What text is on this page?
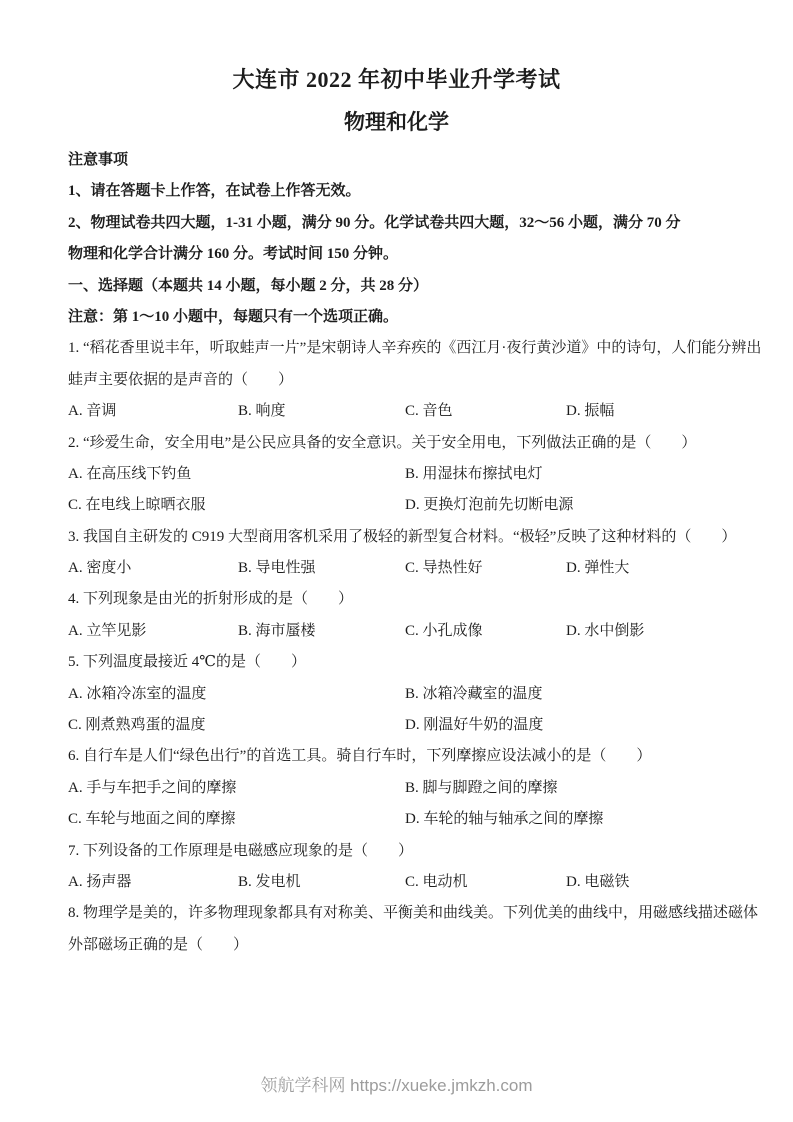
大连市 2022 年初中毕业升学考试
物理和化学
注意事项
1、请在答题卡上作答，在试卷上作答无效。
2、物理试卷共四大题，1-31 小题，满分 90 分。化学试卷共四大题，32～56 小题，满分 70 分
物理和化学合计满分 160 分。考试时间 150 分钟。
一、选择题（本题共 14 小题，每小题 2 分，共 28 分）
注意：第 1～10 小题中，每题只有一个选项正确。
1. “稻花香里说丰年，听取蛙声一片”是宋朝诗人辛弃疾的《西江月·夜行黄沙道》中的诗句，人们能分辨出
蛙声主要依据的是声音的（　　）
A. 音调	B. 响度	C. 音色	D. 振幅
2. “珍爱生命，安全用电”是公民应具备的安全意识。关于安全用电，下列做法正确的是（　　）
A. 在高压线下钓鱼	B. 用湿抹布擦拭电灯
C. 在电线上晾晒衣服	D. 更换灯泡前先切断电源
3. 我国自主研发的 C919 大型商用客机采用了极轻的新型复合材料。“极轻”反映了这种材料的（　　）
A. 密度小	B. 导电性强	C. 导热性好	D. 弹性大
4. 下列现象是由光的折射形成的是（　　）
A. 立竿见影	B. 海市蜃楼	C. 小孔成像	D. 水中倒影
5. 下列温度最接近 4℃的是（　　）
A. 冰箱冷冻室的温度	B. 冰箱冷藏室的温度
C. 刚煮熟鸡蛋的温度	D. 刚温好牛奶的温度
6. 自行车是人们“绿色出行”的首选工具。骑自行车时，下列摩擦应设法减小的是（　　）
A. 手与车把手之间的摩擦	B. 脚与脚蹬之间的摩擦
C. 车轮与地面之间的摩擦	D. 车轮的轴与轴承之间的摩擦
7. 下列设备的工作原理是电磁感应现象的是（　　）
A. 扬声器	B. 发电机	C. 电动机	D. 电磁铁
8. 物理学是美的，许多物理现象都具有对称美、平衡美和曲线美。下列优美的曲线中，用磁感线描述磁体
外部磁场正确的是（　　）
领航学科网 https://xueke.jmkzh.com
